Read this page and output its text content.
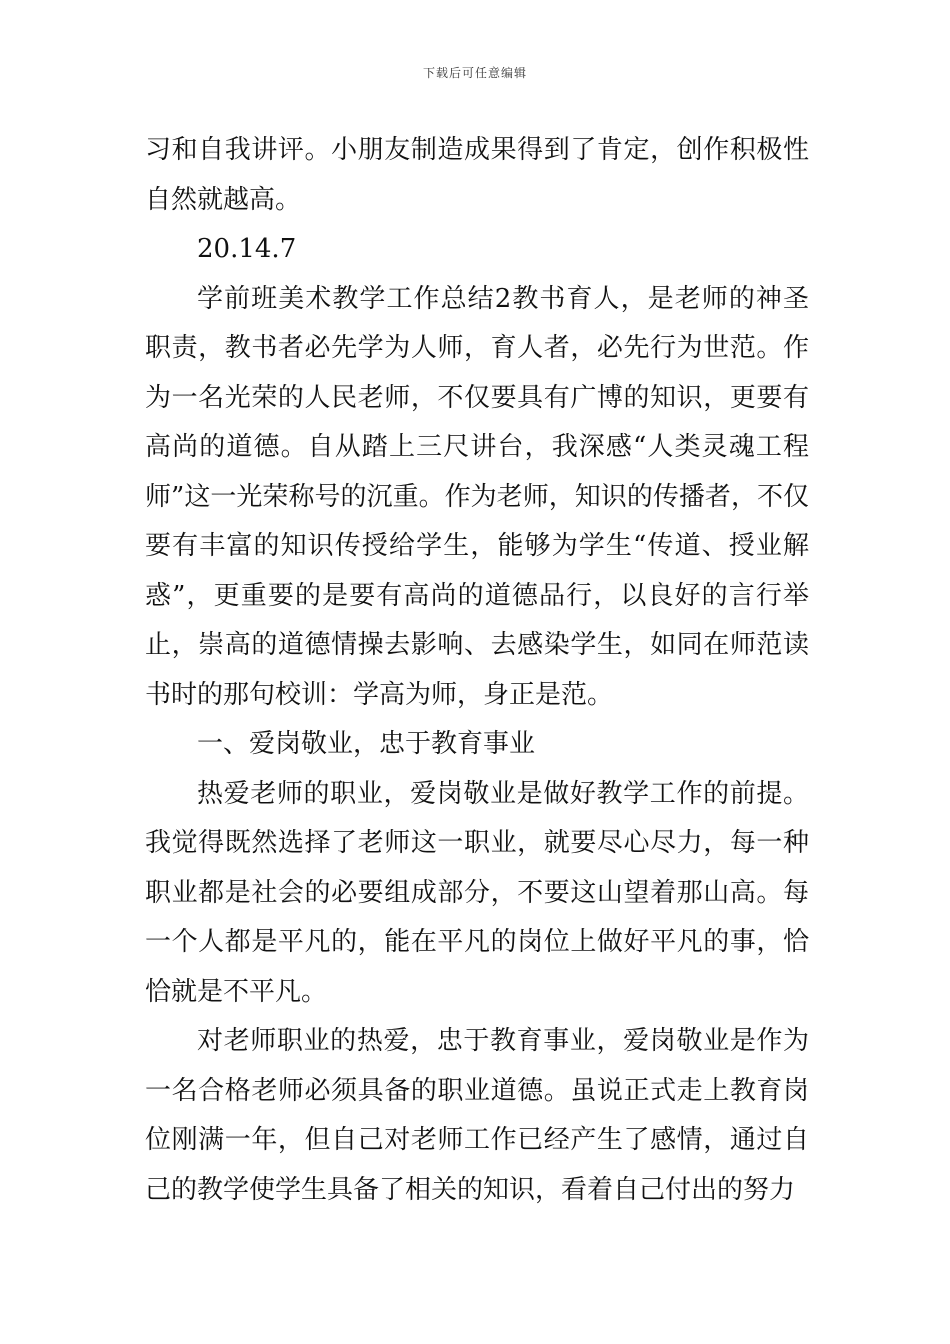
下载后可任意编辑

习和自我讲评。小朋友制造成果得到了肯定，创作积极性自然就越高。

20.14.7

学前班美术教学工作总结2教书育人，是老师的神圣职责，教书者必先学为人师，育人者，必先行为世范。作为一名光荣的人民老师，不仅要具有广博的知识，更要有高尚的道德。自从踏上三尺讲台，我深感“人类灵魂工程师”这一光荣称号的沉重。作为老师，知识的传播者，不仅要有丰富的知识传授给学生，能够为学生“传道、授业解惑”，更重要的是要有高尚的道德品行，以良好的言行举止，崇高的道德情操去影响、去感染学生，如同在师范读书时的那句校训：学高为师，身正是范。

一、爱岗敬业，忠于教育事业

热爱老师的职业，爱岗敬业是做好教学工作的前提。我觉得既然选择了老师这一职业，就要尽心尽力，每一种职业都是社会的必要组成部分，不要这山望着那山高。每一个人都是平凡的，能在平凡的岗位上做好平凡的事，恰恰就是不平凡。

对老师职业的热爱，忠于教育事业，爱岗敬业是作为一名合格老师必须具备的职业道德。虽说正式走上教育岗位刚满一年，但自己对老师工作已经产生了感情，通过自己的教学使学生具备了相关的知识，看着自己付出的努力
